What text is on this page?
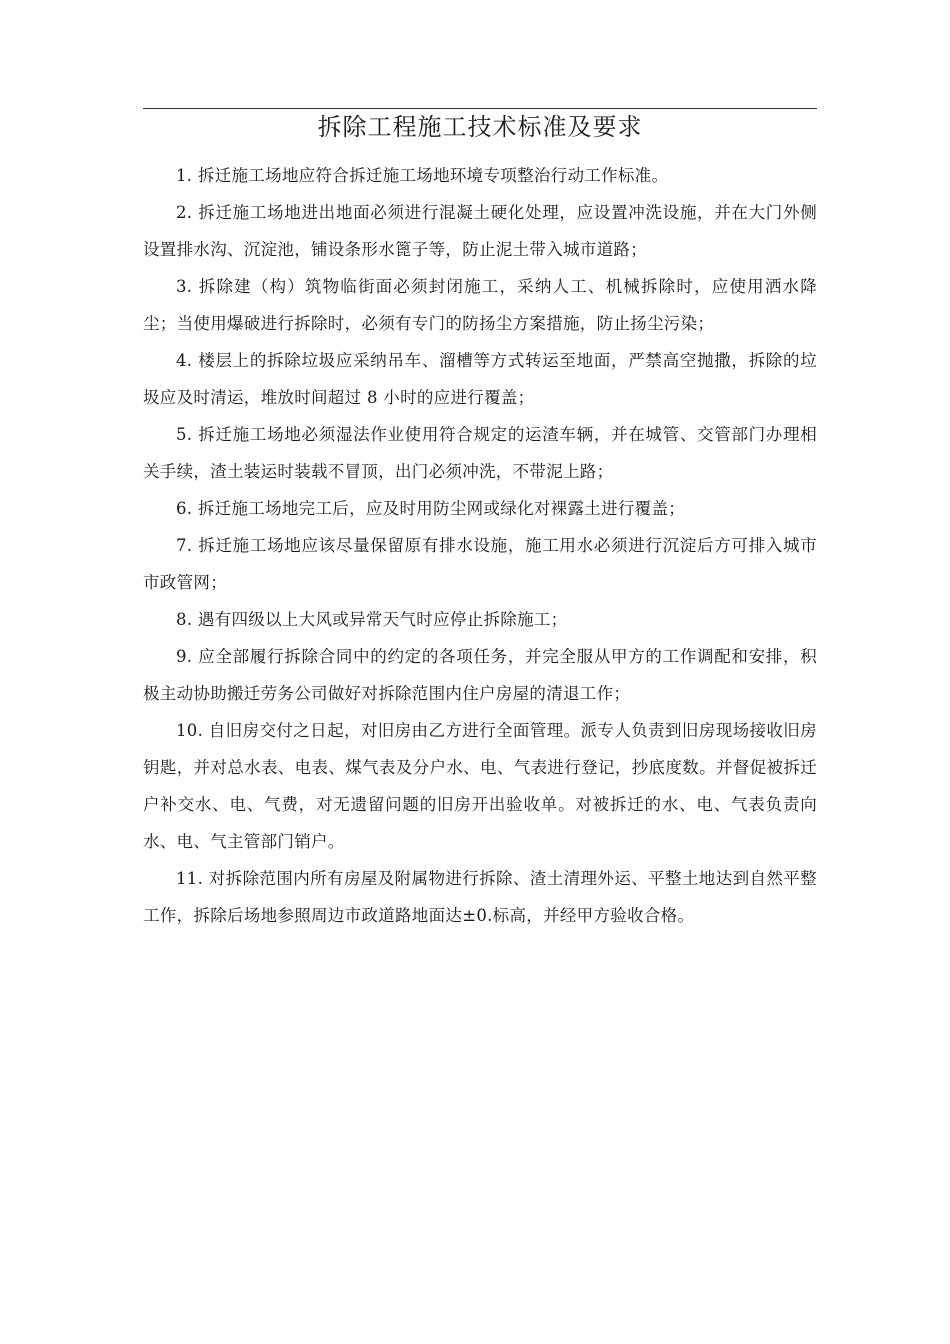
拆除工程施工技术标准及要求

1. 拆迁施工场地应符合拆迁施工场地环境专项整治行动工作标准。

2. 拆迁施工场地进出地面必须进行混凝土硬化处理，应设置冲洗设施，并在大门外侧设置排水沟、沉淀池，铺设条形水篦子等，防止泥土带入城市道路；

3. 拆除建（构）筑物临街面必须封闭施工，采纳人工、机械拆除时，应使用洒水降尘；当使用爆破进行拆除时，必须有专门的防扬尘方案措施，防止扬尘污染；

4. 楼层上的拆除垃圾应采纳吊车、溜槽等方式转运至地面，严禁高空抛撒，拆除的垃圾应及时清运，堆放时间超过 8 小时的应进行覆盖；

5. 拆迁施工场地必须湿法作业使用符合规定的运渣车辆，并在城管、交管部门办理相关手续，渣土装运时装载不冒顶，出门必须冲洗，不带泥上路；

6. 拆迁施工场地完工后，应及时用防尘网或绿化对裸露土进行覆盖；

7. 拆迁施工场地应该尽量保留原有排水设施，施工用水必须进行沉淀后方可排入城市市政管网；

8. 遇有四级以上大风或异常天气时应停止拆除施工；

9. 应全部履行拆除合同中的约定的各项任务，并完全服从甲方的工作调配和安排，积极主动协助搬迁劳务公司做好对拆除范围内住户房屋的清退工作；

10. 自旧房交付之日起，对旧房由乙方进行全面管理。派专人负责到旧房现场接收旧房钥匙，并对总水表、电表、煤气表及分户水、电、气表进行登记，抄底度数。并督促被拆迁户补交水、电、气费，对无遗留问题的旧房开出验收单。对被拆迁的水、电、气表负责向水、电、气主管部门销户。

11. 对拆除范围内所有房屋及附属物进行拆除、渣土清理外运、平整土地达到自然平整工作，拆除后场地参照周边市政道路地面达±0.标高，并经甲方验收合格。
